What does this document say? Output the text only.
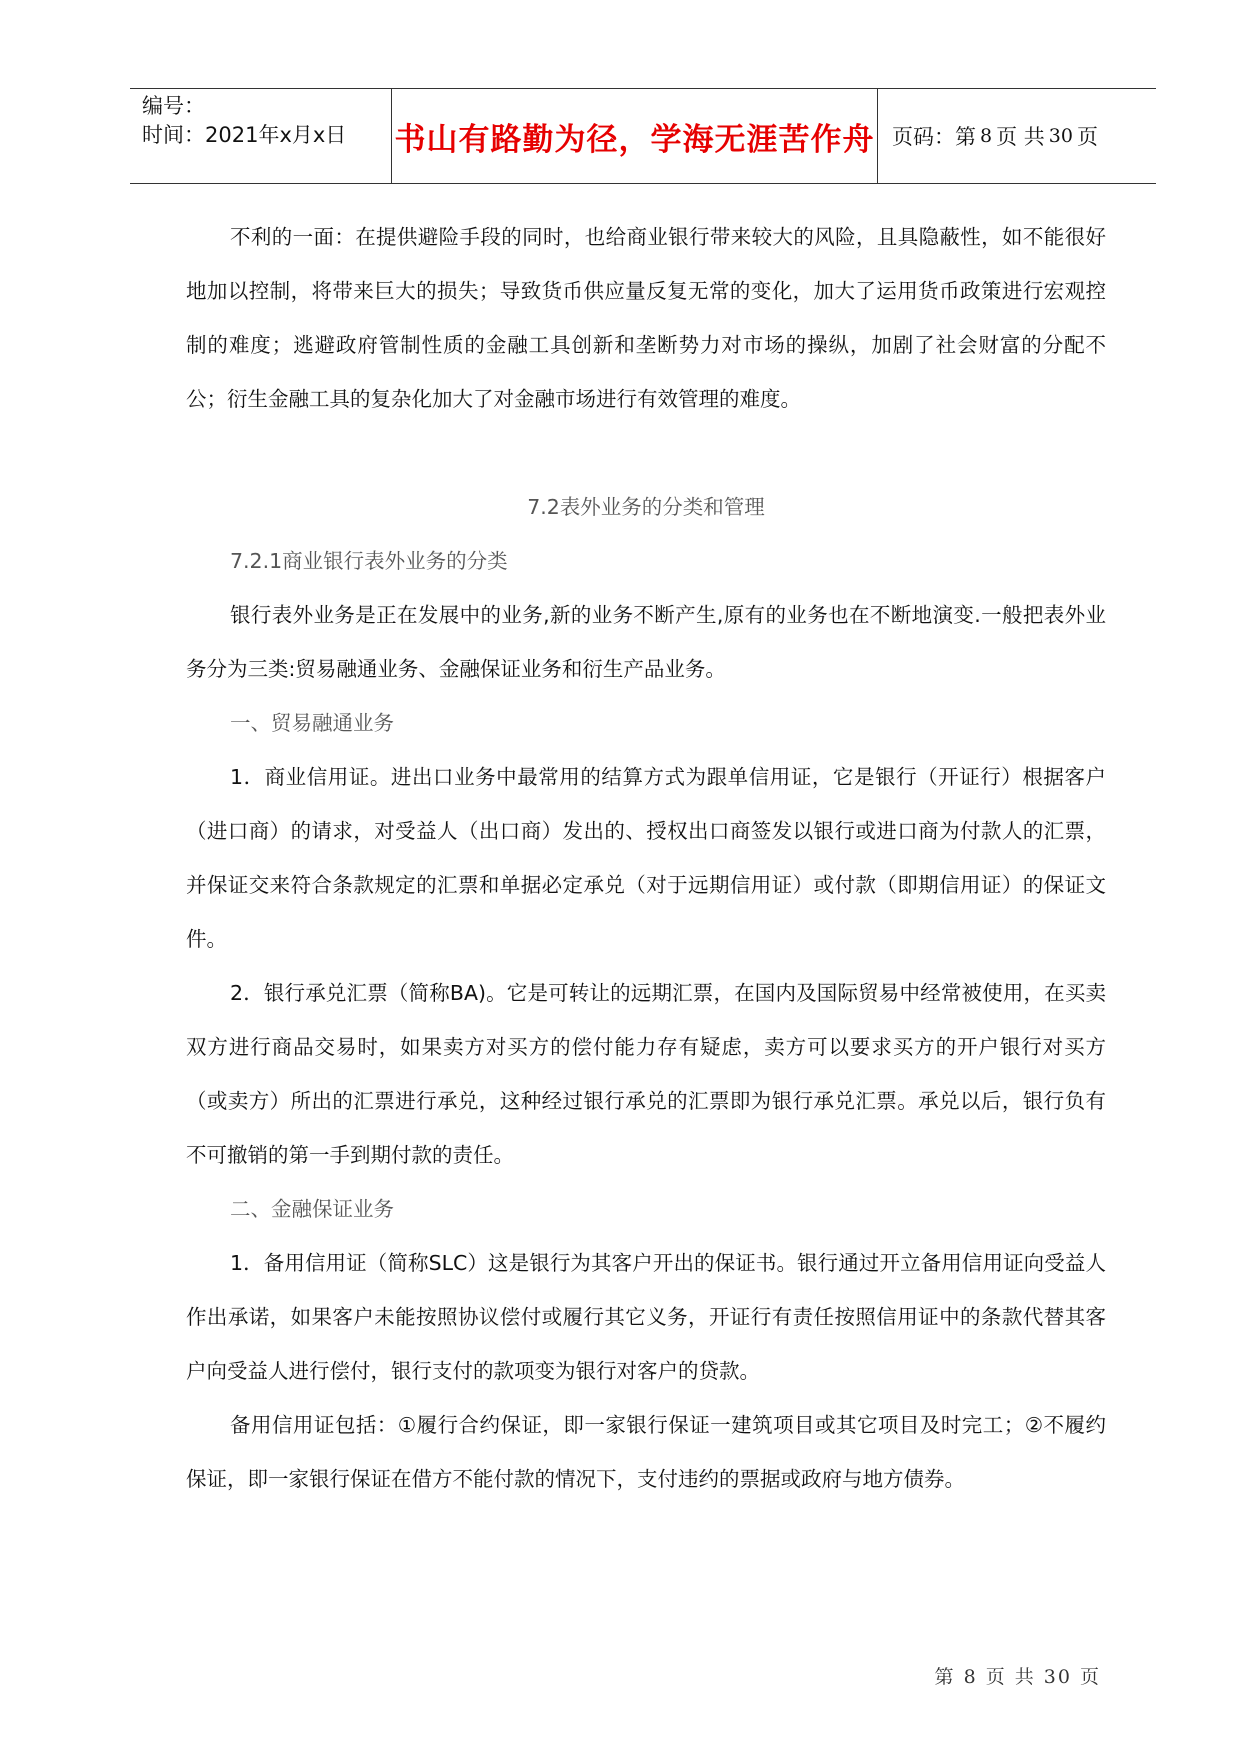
编号：
时间：2021年x月x日	书山有路勤为径，学海无涯苦作舟 页码：第 8 页 共 30 页

不利的一面：在提供避险手段的同时，也给商业银行带来较大的风险，且具隐蔽性，如不能很好地加以控制，将带来巨大的损失；导致货币供应量反复无常的变化，加大了运用货币政策进行宏观控制的难度；逃避政府管制性质的金融工具创新和垄断势力对市场的操纵，加剧了社会财富的分配不公；衍生金融工具的复杂化加大了对金融市场进行有效管理的难度。

7.2表外业务的分类和管理

7.2.1商业银行表外业务的分类

银行表外业务是正在发展中的业务,新的业务不断产生,原有的业务也在不断地演变.一般把表外业务分为三类:贸易融通业务、金融保证业务和衍生产品业务。

一、贸易融通业务

1．商业信用证。进出口业务中最常用的结算方式为跟单信用证，它是银行（开证行）根据客户（进口商）的请求，对受益人（出口商）发出的、授权出口商签发以银行或进口商为付款人的汇票，并保证交来符合条款规定的汇票和单据必定承兑（对于远期信用证）或付款（即期信用证）的保证文件。

2．银行承兑汇票（简称BA)。它是可转让的远期汇票，在国内及国际贸易中经常被使用，在买卖双方进行商品交易时，如果卖方对买方的偿付能力存有疑虑，卖方可以要求买方的开户银行对买方（或卖方）所出的汇票进行承兑，这种经过银行承兑的汇票即为银行承兑汇票。承兑以后，银行负有不可撤销的第一手到期付款的责任。

二、金融保证业务

1．备用信用证（简称SLC）这是银行为其客户开出的保证书。银行通过开立备用信用证向受益人作出承诺，如果客户未能按照协议偿付或履行其它义务，开证行有责任按照信用证中的条款代替其客户向受益人进行偿付，银行支付的款项变为银行对客户的贷款。

备用信用证包括：①履行合约保证，即一家银行保证一建筑项目或其它项目及时完工；②不履约保证，即一家银行保证在借方不能付款的情况下，支付违约的票据或政府与地方债券。

第 8 页 共 30 页
